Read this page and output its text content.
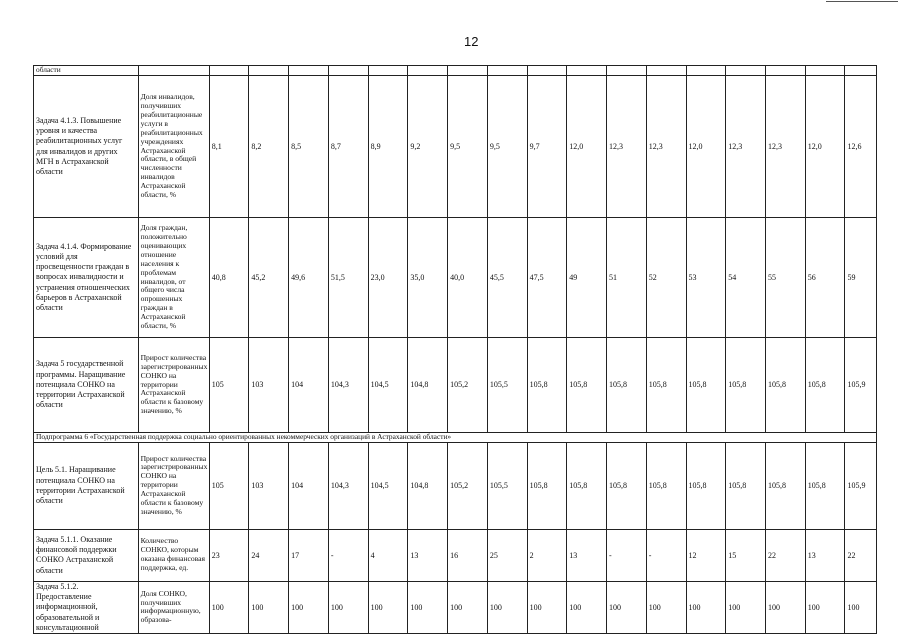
12
области																		
Задача 4.1.3. Повышение уровня и качества реабилитационных услуг для инвалидов и других МГН в Астраханской области	Доля инвалидов, получивших реабилитационные услуги в реабилитационных учреждениях Астраханской области, в общей численности инвалидов Астраханской области, %	8,1	8,2	8,5	8,7	8,9	9,2	9,5	9,5	9,7	12,0	12,3	12,3	12,0	12,3	12,3	12,0	12,6
Задача 4.1.4. Формирование условий для просвещенности граждан в вопросах инвалидности и устранения отношенческих барьеров в Астраханской области	Доля граждан, положительно оценивающих отношение населения к проблемам инвалидов, от общего числа опрошенных граждан в Астраханской области, %	40,8	45,2	49,6	51,5	23,0	35,0	40,0	45,5	47,5	49	51	52	53	54	55	56	59
Задача 5 государственной программы. Наращивание потенциала СОНКО на территории Астраханской области	Прирост количества зарегистрированных СОНКО на территории Астраханской области к базовому значению, %	105	103	104	104,3	104,5	104,8	105,2	105,5	105,8	105,8	105,8	105,8	105,8	105,8	105,8	105,8	105,9
Подпрограмма 6 «Государственная поддержка социально ориентированных некоммерческих организаций в Астраханской области»																		
Цель 5.1. Наращивание потенциала СОНКО на территории Астраханской области	Прирост количества зарегистрированных СОНКО на территории Астраханской области к базовому значению, %	105	103	104	104,3	104,5	104,8	105,2	105,5	105,8	105,8	105,8	105,8	105,8	105,8	105,8	105,8	105,9
Задача 5.1.1. Оказание финансовой поддержки СОНКО Астраханской области	Количество СОНКО, которым оказана финансовая поддержка, ед.	23	24	17	-	4	13	16	25	2	13	-	-	12	15	22	13	22
Задача 5.1.2. Предоставление информационной, образовательной и консультационной	Доля СОНКО, получивших информационную, образова-	100	100	100	100	100	100	100	100	100	100	100	100	100	100	100	100	100
